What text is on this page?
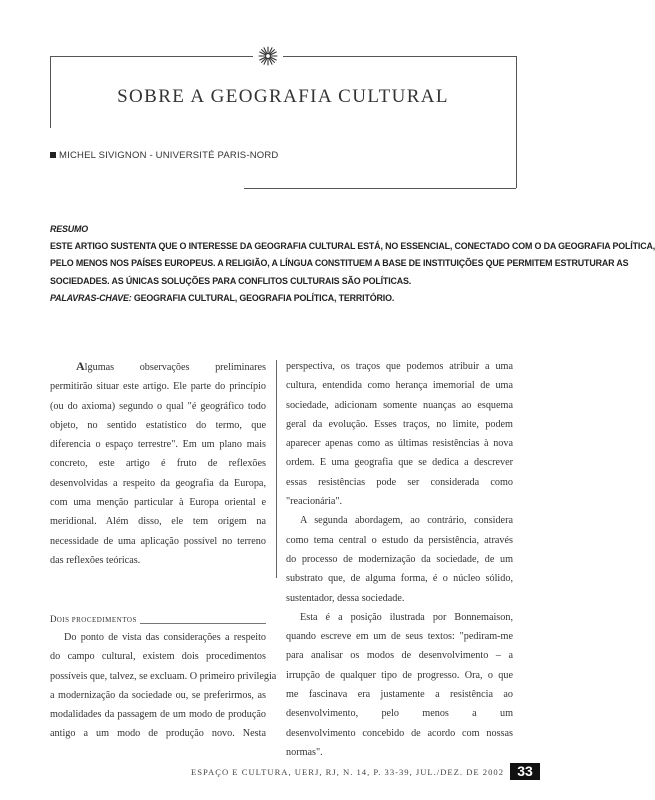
SOBRE A GEOGRAFIA CULTURAL
MICHEL SIVIGNON - UNIVERSITÉ PARIS-NORD
RESUMO
ESTE ARTIGO SUSTENTA QUE O INTERESSE DA GEOGRAFIA CULTURAL ESTÁ, NO ESSENCIAL, CONECTADO COM O DA GEOGRAFIA POLÍTICA,
PELO MENOS NOS PAÍSES EUROPEUS. A RELIGIÃO, A LÍNGUA CONSTITUEM A BASE DE INSTITUIÇÕES QUE PERMITEM ESTRUTURAR AS
SOCIEDADES. AS ÚNICAS SOLUÇÕES PARA CONFLITOS CULTURAIS SÃO POLÍTICAS.
PALAVRAS-CHAVE: GEOGRAFIA CULTURAL, GEOGRAFIA POLÍTICA, TERRITÓRIO.
Algumas observações preliminares
permitirão situar este artigo. Ele parte do princípio
(ou do axioma) segundo o qual "é geográfico todo
objeto, no sentido estatístico do termo, que
diferencia o espaço terrestre". Em um plano mais
concreto, este artigo é fruto de reflexões
desenvolvidas a respeito da geografia da Europa,
com uma menção particular à Europa oriental e
meridional. Além disso, ele tem origem na
necessidade de uma aplicação possível no terreno
das reflexões teóricas.
DOIS PROCEDIMENTOS
Do ponto de vista das considerações a respeito
do campo cultural, existem dois procedimentos
possíveis que, talvez, se excluam. O primeiro privilegia
a modernização da sociedade ou, se preferirmos, as
modalidades da passagem de um modo de produção
antigo a um modo de produção novo. Nesta
perspectiva, os traços que podemos atribuir a uma
cultura, entendida como herança imemorial de uma
sociedade, adicionam somente nuanças ao esquema
geral da evolução. Esses traços, no limite, podem
aparecer apenas como as últimas resistências à nova
ordem. E uma geografia que se dedica a descrever
essas resistências pode ser considerada como
"reacionária".
A segunda abordagem, ao contrário, considera
como tema central o estudo da persistência, através
do processo de modernização da sociedade, de um
substrato que, de alguma forma, é o núcleo sólido,
sustentador, dessa sociedade.
Esta é a posição ilustrada por Bonnemaison,
quando escreve em um de seus textos: "pediram-me
para analisar os modos de desenvolvimento – a
irrupção de qualquer tipo de progresso. Ora, o que
me fascinava era justamente a resistência ao
desenvolvimento, pelo menos a um
desenvolvimento concebido de acordo com nossas
normas".
ESPAÇO E CULTURA, UERJ, RJ, N. 14, P. 33-39, JUL./DEZ. DE 2002 33
